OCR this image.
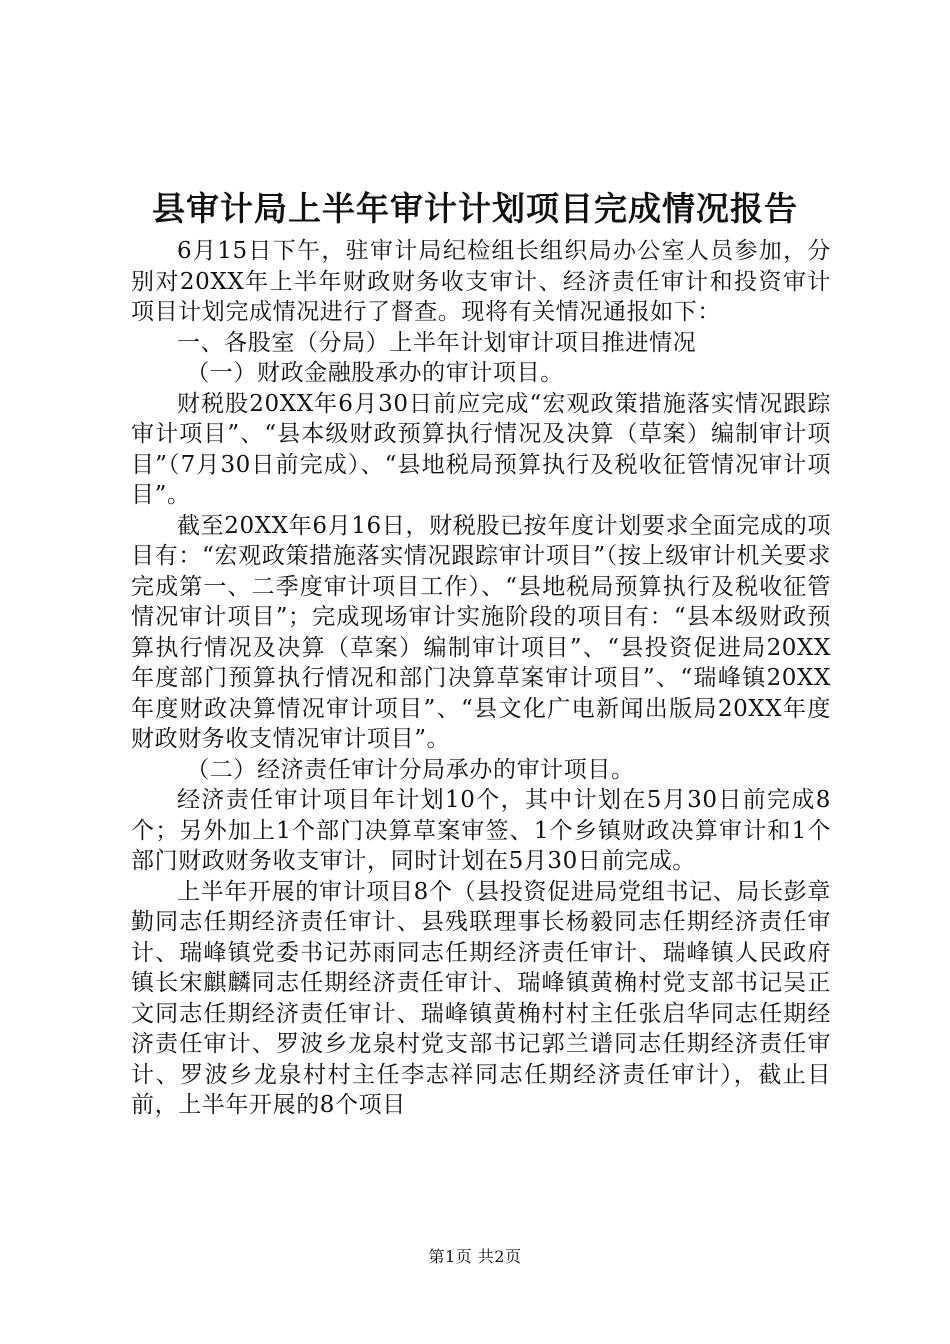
县审计局上半年审计计划项目完成情况报告

6月15日下午，驻审计局纪检组长组织局办公室人员参加，分别对20XX年上半年财政财务收支审计、经济责任审计和投资审计项目计划完成情况进行了督查。现将有关情况通报如下：

一、各股室（分局）上半年计划审计项目推进情况

（一）财政金融股承办的审计项目。

财税股20XX年6月30日前应完成“宏观政策措施落实情况跟踪审计项目”、“县本级财政预算执行情况及决算（草案）编制审计项目”（7月30日前完成）、“县地税局预算执行及税收征管情况审计项目”。

截至20XX年6月16日，财税股已按年度计划要求全面完成的项目有：“宏观政策措施落实情况跟踪审计项目”（按上级审计机关要求完成第一、二季度审计项目工作）、“县地税局预算执行及税收征管情况审计项目”；完成现场审计实施阶段的项目有：“县本级财政预算执行情况及决算（草案）编制审计项目”、“县投资促进局20XX年度部门预算执行情况和部门决算草案审计项目”、“瑞峰镇20XX年度财政决算情况审计项目”、“县文化广电新闻出版局20XX年度财政财务收支情况审计项目”。

（二）经济责任审计分局承办的审计项目。

经济责任审计项目年计划10个，其中计划在5月30日前完成8个；另外加上1个部门决算草案审签、1个乡镇财政决算审计和1个部门财政财务收支审计，同时计划在5月30日前完成。

上半年开展的审计项目8个（县投资促进局党组书记、局长彭章勤同志任期经济责任审计、县残联理事长杨毅同志任期经济责任审计、瑞峰镇党委书记苏雨同志任期经济责任审计、瑞峰镇人民政府镇长宋麒麟同志任期经济责任审计、瑞峰镇黄桷村党支部书记吴正文同志任期经济责任审计、瑞峰镇黄桷村村主任张启华同志任期经济责任审计、罗波乡龙泉村党支部书记郭兰谱同志任期经济责任审计、罗波乡龙泉村村主任李志祥同志任期经济责任审计），截止目前，上半年开展的8个项目

第1页 共2页
